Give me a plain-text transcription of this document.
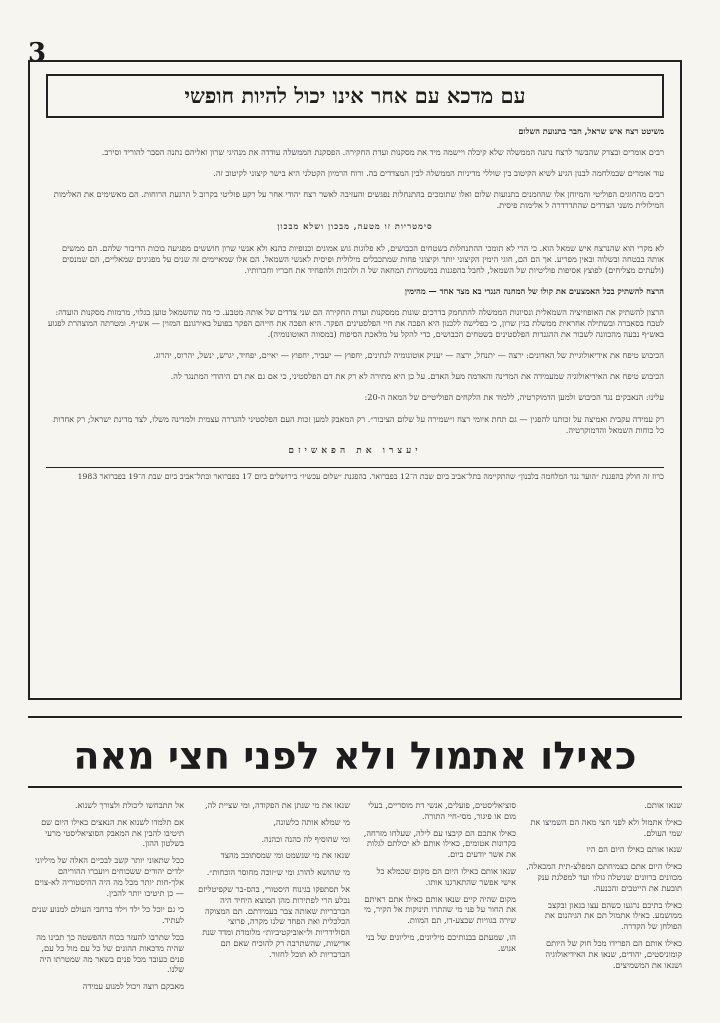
3
עם מדכא עם אחר אינו יכול להיות חופשי

משיטט רצח איש שראל, חבר בתנועת השלום

רבים אומרים ובצדק שהבשר לרצח נתנה הממשלה שלא קיבלה ויישמה מיד את מסקנות ועדת החקירה. הפסקנת הממשלה עודדה את מנהיגי שרון ואליהם נתנה הסבר להוריד וסירב.

עוד אומרים שבמלחמה לבנון הגיע לשיא הקיטוב בין שוללי מדיניות הממשלה לבין המצדדים בה. ורוח הרמיון הקטלני היא בישר קיצוני לקיטוב זה.

רבים מהחוגים הפוליטי והמיוחן אלו שהוזמנים בתנועות שלום ואלו שתומכים בהתנחלות נפגשים והעזיבה לאשר רצח יהודי אחר על רקע פוליטי בקרוב ל הרגעת הרוחות. הם מאשימים את האלימות המילולית משני הצדדים שהתדרדרה ל אלימות פיסית.

סימטריות זו מטעה, מבכון ושלא מבכון

לא מקרי הוא שהנרצח איש שמאל הוא. כי הרי לא תומכי ההתנחלות בשטחים הכבושים, לא פלוגות גוש אמונים וכנופיות כהנא ולא אנשי שרון חוששים מפגיעה בוכות הדיבור שלהם. הם ממשים אותה בבטחה ובשלוה ובאין מפריע. אך הם הם, חוגי הימין הקיצוני יותר וקיצוני פחות שמתכבלים מילולית ופיסית לאנשי השמאל. הם אלו שמאיימים זה שנים על מפגינים שמאליים, הם שמנסים (ולעתים מצליחים) לפוצץ אסיפות פוליטיות של השמאל, לחבל בהפגנות במשמרות המחאה של ה ולהכות ולהפחיד את חבריו וחברותיו.

הרצח להשתיק בכל האמצעים את קולו של המחנה הנגדי בא מצד אחד — מהימין

הרצון להשתיק את האופוזיציה השמאלית ונסיונות הממשלה להתחמק בדרכים שונות ממסקנות ועדת החקירה הם שני צדדים של אותה מטבע. כי מה שהשמאל טוען בגלוי, מרמזות מסקנות הועדה: לטבח בסאברה ובשתילה אחראית ממשלת בגין שרון, כי בפלישה ללבנון היא הפכה את חיי הפלסטינים הפקר. היא הפכה את חייהם הפקר בפועל באירגונם המזוין — אש״ף. ומטרתה המוצהרת לפגוע באש״ף נבעה מהכוונה לשבור את ההגנדות הפלסטינים בשטחים הכבושים, כדי להקל על מלאכת הסיפוח (במסווה האוטונומיה).

הכיבוש טיפח את אידיאולוגיית של האדונים: ירצה — יתנחל, ירצה — יעניק אוטונומיה לנתינים, יחפוץ — יעביר, יחפוץ — יאיים, יפחיד, יגרש, ינשל, יהרוס, יהרוג.

הכיבוש טיפח את האידיאולוגיה שמעמידה את המדינה והאדמה מעל האדם. על כן היא מתירה לא רק את דם הפלסטיני, כי אם גם את דם היהודי המתנגד לה.

עלינו: הנאבקים נגד הכיבוש ולמען הדמוקרטיה, ללמוד את הלקחים הפוליטיים של המאה ה-20:

רק עמידה עקבית ואמיצה על זכותנו להפגין — גם תחת איומי רצח ו״שמירה על שלום הציבור״. רק המאבק למען זכות העם הפלסטיני להגדרה עצמית ולמדינה משלו, לצד מדינת ישראל; רק אחדות כל כוחות השמאל והדמוקרטיה.

יעצרו את הפאשיזם

כרוז זה חולק בהפגנת ״הועד נגד המלחמה בלבנון״ שהתקיימה בתל־אביב ביום שבת ה־12 בפברואר. בהפגנת ״שלום עכשיו״ בירושלים ביום 17 בפברואר ובתל־אביב ביום שבת ה־19 בפברואר 1983

כאילו אתמול ולא לפני חצי מאה

שנאו אותם.

כאילו אתמול ולא לפני חצי מאה הם השמיצו את שמי העולם.

שנאו אותם כאילו היום הם היו

כאילו היום אתם כצמיחתם המפלצ-תית המכאלה, מכוונים ברוונים שניטלה גזלוו ועד למפלגת ענק תובעת את הייטבים והכנעה.

כאילו בתיכם נרגעו כשהם עצו בגאון ובקצב ממושמע. כאילו אתמול תם את הגיהנום את הפולחן של הקדרה.

כאילו אותם הם הפרידו מכל חוק של היותם קומוניסטים, יהודים, שנאו את האידיאולוגיה ושנאו את המשמיצים.

סוציאליסטים, פועלים, אנשי דת מוסריים, בעלי מום או פיגור, מסי-חיי התורה.

כאילו אתכם הם קיבצו עם לילה, שעלחו מזרחה, בקרונות אטומים, כאילו אותם לא יכולתם לגלות את אשר יודעים ביום.

שנאו אותם כאילו היום הם מקום שכמלא כל אישי אפשר שהתארגנו אותו.

מקום שהיה קיים שנאו אותם כאילו אתם ראיתם את החור על פני מי שהתרו תינוקות אל הקיר, מי שירה בגוויות שבצע-דו, תם המוות.

הו, שמעתם בבנותיכם מיליונים, מיליונים של בני אנוש.

שנאו את מי שנתן את הפקודה, ומי שציית לה,

מי שמלא אותה כלשונה,

ומי שהוסיף לה כהנה וכהנה.

שנאו את מי שנשמט ומי שמסתובב מהצד

מי שהושא להורג ומי ש״זוכה מחוסר הוכחות״.

אל תסתפקו בגינוח היסטורי, בהס-בר שקפיטליזם נכלע הרי לפתירות מהן המוצא היחיד היה הברבריות שאותה צבר בעמידתם. תם המצוקה הכלכלית ואת הפחד שלנו מקרה, פרוצי הסולידריות ול״אוביקטיביות״ מלומדת ומדד שנת אדישות, שהשתרבה רק להוכיח שאם תם הברבריות לא תוכל לחזור.

אל תתבחשו ליכולת ולצורך לשנוא.

אם תלמדו לשנוא את הנאצים כאילו היום שם תיטיבו להבין את המאבק הסוציאליסטי מרעי בשלטון ההון.

ככל שתאוני יותר קשב לבכיים האלה של מיליוני ילדים יהודים ששכוחים ויועברו ההוריהם אלך-חות יותר מכל מה היה ההיסטוריה לא-צוים — כן תיטיבו יותר להבין.

כי גם יוכל כל ילד וילד ברחבי העולם למנוע שנים לעתיד.

בכל שתרבו להעזר בכוח ההפשטה כך תבינו מה שהיה מדכאות ההונים של כל עם מול כל עם, פנים בעובד מכל פנים בשאר מה שמטרתו היה שלנו.

מאבקם רוצה ויכול למנוע עמידה
